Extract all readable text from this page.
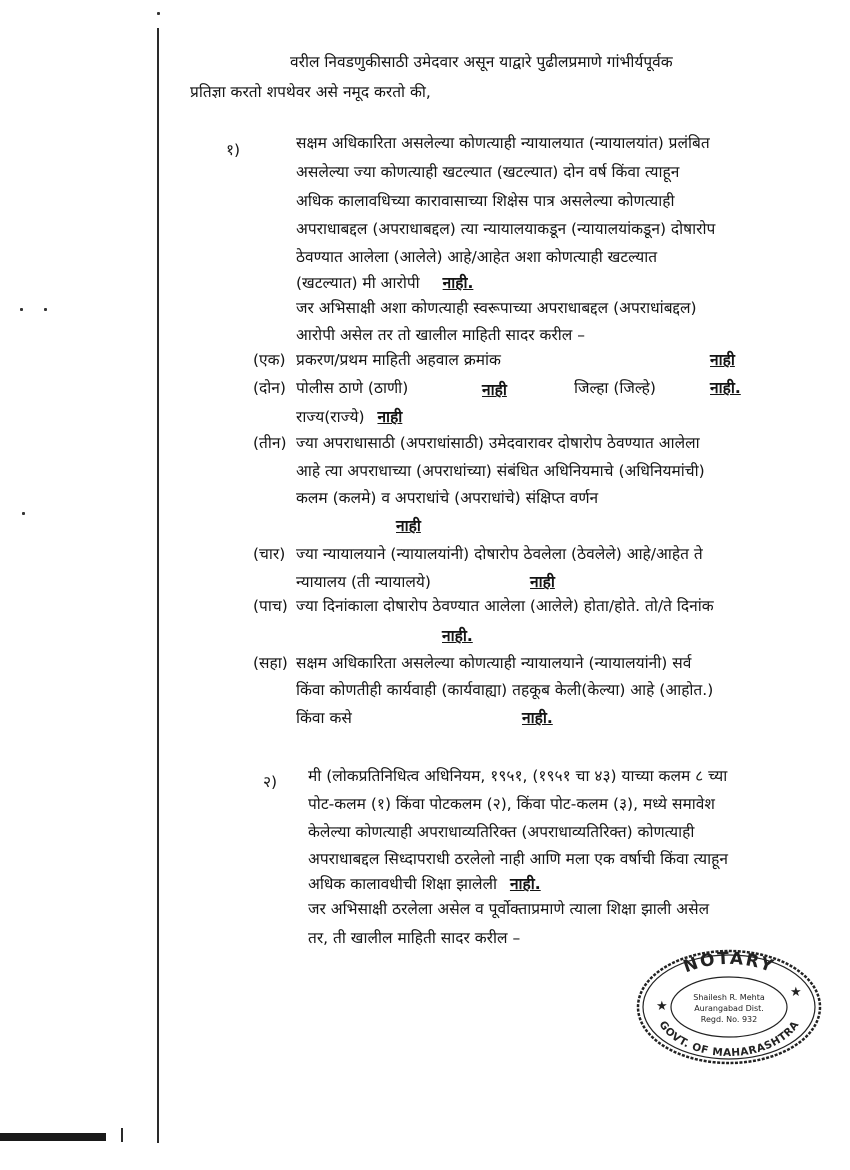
वरील निवडणुकीसाठी उमेदवार असून याद्वारे पुढीलप्रमाणे गांभीर्यपूर्वक
प्रतिज्ञा करतो शपथेवर असे नमूद करतो की,
१)	सक्षम अधिकारिता असलेल्या कोणत्याही न्यायालयात (न्यायालयांत) प्रलंबित
असलेल्या ज्या कोणत्याही खटल्यात (खटल्यात) दोन वर्ष किंवा त्याहून
अधिक कालावधिच्या कारावासाच्या शिक्षेस पात्र असलेल्या कोणत्याही
अपराधाबद्दल (अपराधाबद्दल) त्या न्यायालयाकडून (न्यायालयांकडून) दोषारोप
ठेवण्यात आलेला (आलेले) आहे/आहेत अशा कोणत्याही खटल्यात
(खटल्यात) मी आरोपी नाही.
जर अभिसाक्षी अशा कोणत्याही स्वरूपाच्या अपराधाबद्दल (अपराधांबद्दल)
आरोपी असेल तर तो खालील माहिती सादर करील –
(एक) प्रकरण/प्रथम माहिती अहवाल क्रमांक	नाही
(दोन) पोलीस ठाणे (ठाणी)	नाही	जिल्हा (जिल्हे)	नाही.
राज्य(राज्ये) नाही
(तीन) ज्या अपराधासाठी (अपराधांसाठी) उमेदवारावर दोषारोप ठेवण्यात आलेला
आहे त्या अपराधाच्या (अपराधांच्या) संबंधित अधिनियमाचे (अधिनियमांची)
कलम (कलमे) व अपराधांचे (अपराधांचे) संक्षिप्त वर्णन
नाही
(चार) ज्या न्यायालयाने (न्यायालयांनी) दोषारोप ठेवलेला (ठेवलेले) आहे/आहेत ते
न्यायालय (ती न्यायालये)	नाही
(पाच) ज्या दिनांकाला दोषारोप ठेवण्यात आलेला (आलेले) होता/होते. तो/ते दिनांक
नाही.
(सहा) सक्षम अधिकारिता असलेल्या कोणत्याही न्यायालयाने (न्यायालयांनी) सर्व
किंवा कोणतीही कार्यवाही (कार्यवाह्या) तहकूब केली(केल्या) आहे (आहोत.)
किंवा कसे	नाही.
२) मी (लोकप्रतिनिधित्व अधिनियम, १९५१, (१९५१ चा ४३) याच्या कलम ८ च्या
पोट-कलम (१) किंवा पोटकलम (२), किंवा पोट-कलम (३), मध्ये समावेश
केलेल्या कोणत्याही अपराधाव्यतिरिक्त (अपराधाव्यतिरिक्त) कोणत्याही
अपराधाबद्दल सिध्दापराधी ठरलेलो नाही आणि मला एक वर्षाची किंवा त्याहून
अधिक कालावधीची शिक्षा झालेली नाही.
जर अभिसाक्षी ठरलेला असेल व पूर्वोक्ताप्रमाणे त्याला शिक्षा झाली असेल
तर, ती खालील माहिती सादर करील –
NOTARY
GOVT. OF MAHARASHTRA
★
★
Shailesh R. Mehta
Aurangabad Dist.
Regd. No. 932
